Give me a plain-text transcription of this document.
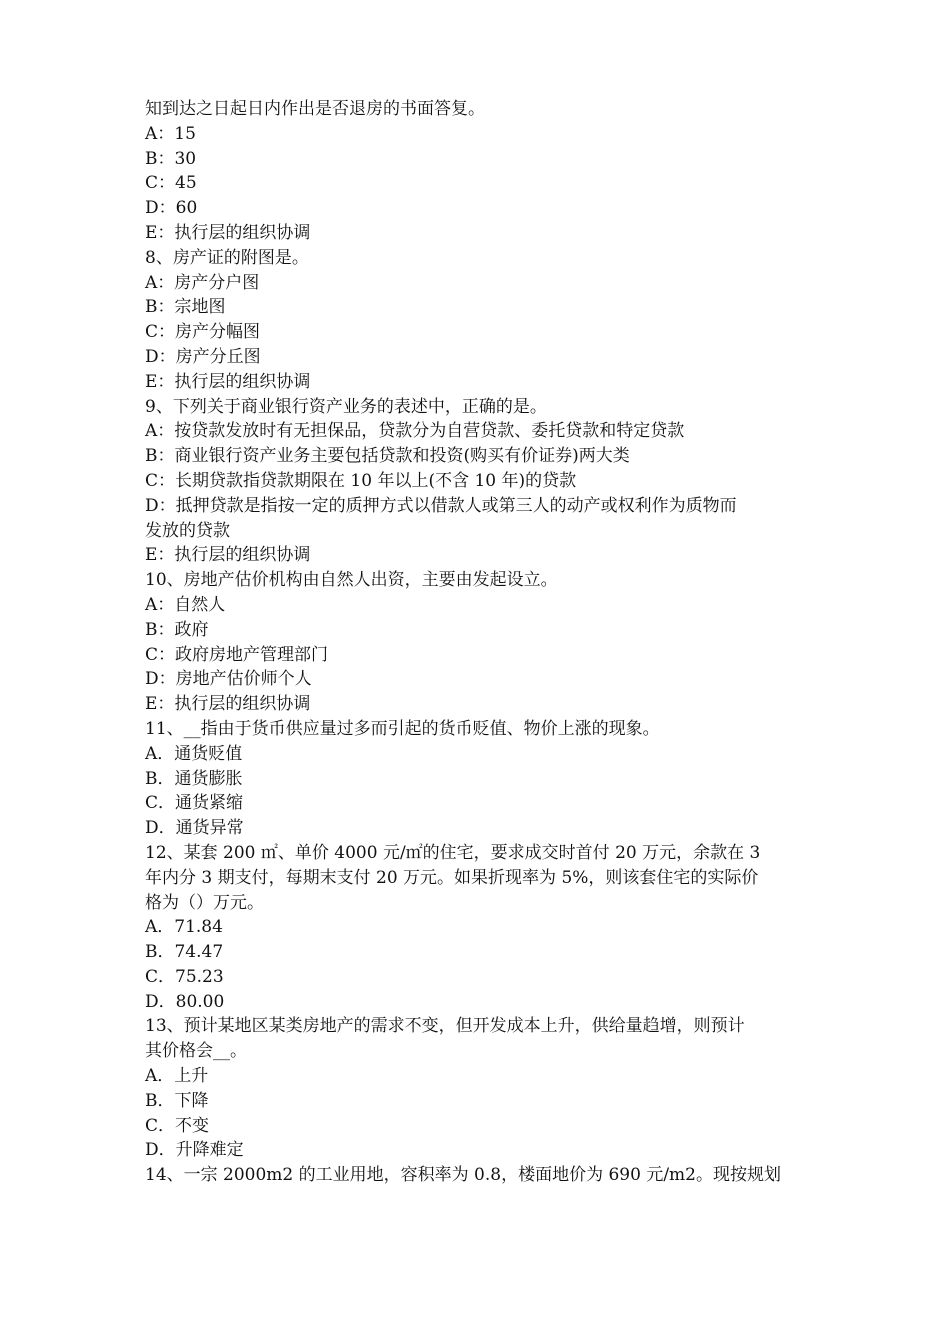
知到达之日起日内作出是否退房的书面答复。
A：15
B：30
C：45
D：60
E：执行层的组织协调
8、房产证的附图是。
A：房产分户图
B：宗地图
C：房产分幅图
D：房产分丘图
E：执行层的组织协调
9、下列关于商业银行资产业务的表述中，正确的是。
A：按贷款发放时有无担保品，贷款分为自营贷款、委托贷款和特定贷款
B：商业银行资产业务主要包括贷款和投资(购买有价证券)两大类
C：长期贷款指贷款期限在 10 年以上(不含 10 年)的贷款
D：抵押贷款是指按一定的质押方式以借款人或第三人的动产或权利作为质物而
发放的贷款
E：执行层的组织协调
10、房地产估价机构由自然人出资，主要由发起设立。
A：自然人
B：政府
C：政府房地产管理部门
D：房地产估价师个人
E：执行层的组织协调
11、__指由于货币供应量过多而引起的货币贬值、物价上涨的现象。
A．通货贬值
B．通货膨胀
C．通货紧缩
D．通货异常
12、某套 200 ㎡、单价 4000 元/㎡的住宅，要求成交时首付 20 万元，余款在 3
年内分 3 期支付，每期末支付 20 万元。如果折现率为 5%，则该套住宅的实际价
格为（）万元。
A．71.84
B．74.47
C．75.23
D．80.00
13、预计某地区某类房地产的需求不变，但开发成本上升，供给量趋增，则预计
其价格会__。
A．上升
B．下降
C．不变
D．升降难定
14、一宗 2000m2 的工业用地，容积率为 0.8，楼面地价为 690 元/m2。现按规划
